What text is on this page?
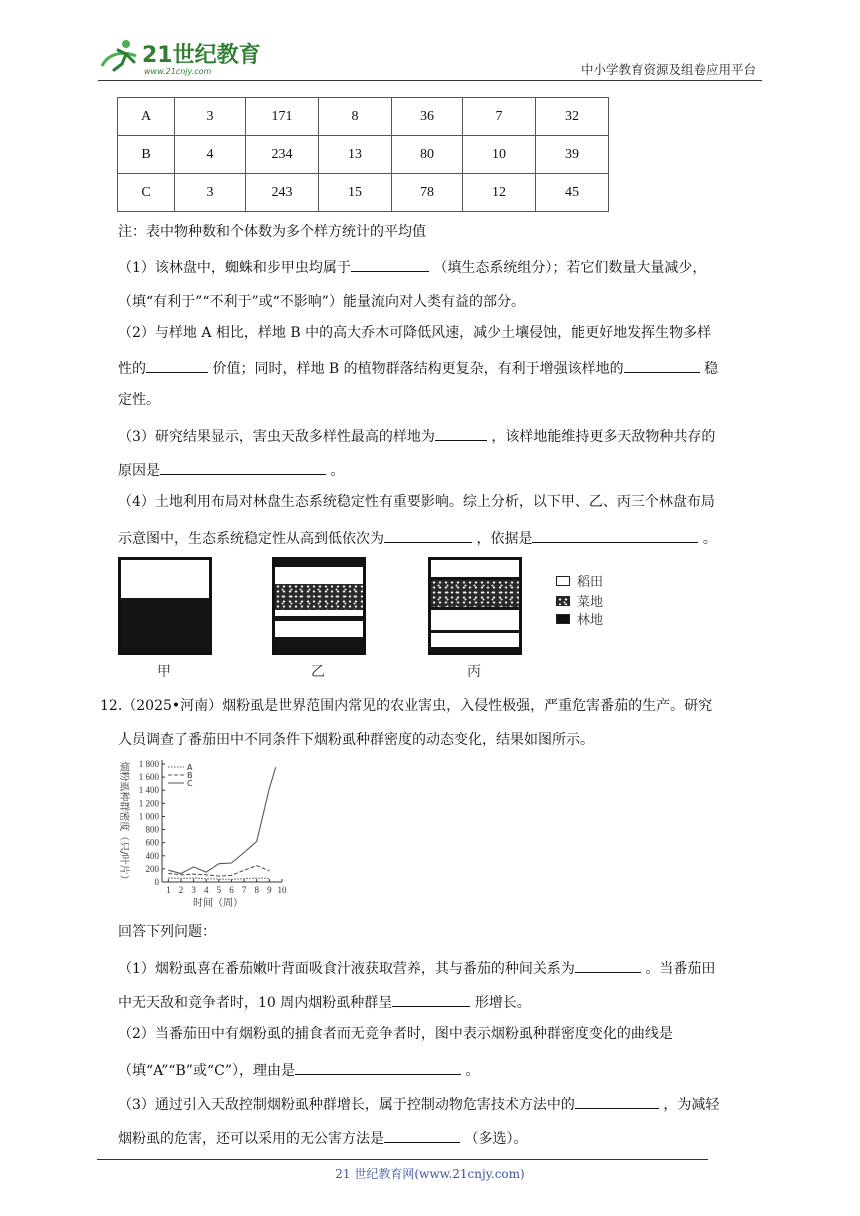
21世纪教育
www.21cnjy.com	中小学教育资源及组卷应用平台
A	3	171	8	36	7	32
B	4	234	13	80	10	39
C	3	243	15	78	12	45
注：表中物种数和个体数为多个样方统计的平均值
（1）该林盘中，蜘蛛和步甲虫均属于	（填生态系统组分）；若它们数量大量减少，
（填“有利于”“不利于”或“不影响”）能量流向对人类有益的部分。
（2）与样地 A 相比，样地 B 中的高大乔木可降低风速，减少土壤侵蚀，能更好地发挥生物多样
性的	价值；同时，样地 B 的植物群落结构更复杂，有利于增强该样地的	稳
定性。
（3）研究结果显示，害虫天敌多样性最高的样地为	，该样地能维持更多天敌物种共存的
原因是	。
（4）土地利用布局对林盘生态系统稳定性有重要影响。综上分析，以下甲、乙、丙三个林盘布局
示意图中，生态系统稳定性从高到低依次为	，依据是	。
甲	乙	丙
稻田
菜地
林地
12.（2025•河南）烟粉虱是世界范围内常见的农业害虫，入侵性极强，严重危害番茄的生产。研究
人员调查了番茄田中不同条件下烟粉虱种群密度的动态变化，结果如图所示。
0
200
400
600
800
1 000
1 200
1 400
1 600
1 800
1 2 3 4 5 6 7 8 9 10
A
B
C
烟粉虱种群密度（只/叶片）
时间（周）
回答下列问题：
（1）烟粉虱喜在番茄嫩叶背面吸食汁液获取营养，其与番茄的种间关系为	。当番茄田
中无天敌和竞争者时，10 周内烟粉虱种群呈	形增长。
（2）当番茄田中有烟粉虱的捕食者而无竞争者时，图中表示烟粉虱种群密度变化的曲线是
（填“A”“B”或“C”），理由是	。
（3）通过引入天敌控制烟粉虱种群增长，属于控制动物危害技术方法中的	，为减轻
烟粉虱的危害，还可以采用的无公害方法是	（多选）。
21 世纪教育网(www.21cnjy.com)
